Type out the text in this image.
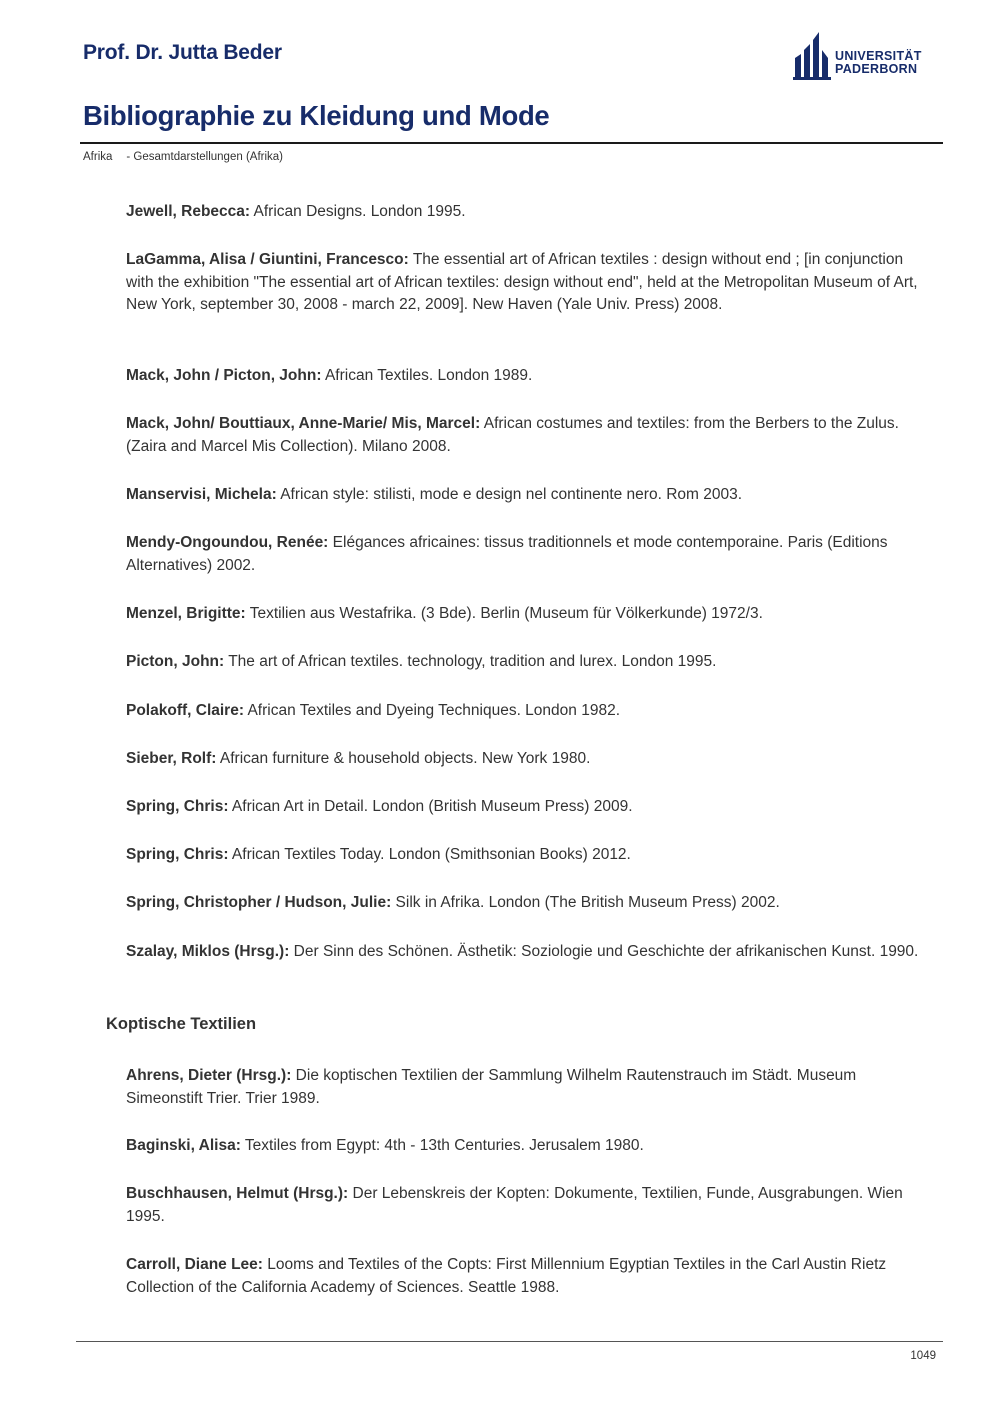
Prof. Dr. Jutta Beder	UNIVERSITÄT
PADERBORN
Bibliographie zu Kleidung und Mode
Afrika - Gesamtdarstellungen (Afrika)
Jewell, Rebecca: African Designs. London 1995.
LaGamma, Alisa / Giuntini, Francesco: The essential art of African textiles : design without end ; [in conjunction with the exhibition "The essential art of African textiles: design without end", held at the Metropolitan Museum of Art, New York, september 30, 2008 - march 22, 2009]. New Haven (Yale Univ. Press) 2008.
Mack, John / Picton, John: African Textiles. London 1989.
Mack, John/ Bouttiaux, Anne-Marie/ Mis, Marcel: African costumes and textiles: from the Berbers to the Zulus. (Zaira and Marcel Mis Collection). Milano 2008.
Manservisi, Michela: African style: stilisti, mode e design nel continente nero. Rom 2003.
Mendy-Ongoundou, Renée: Elégances africaines: tissus traditionnels et mode contemporaine. Paris (Editions Alternatives) 2002.
Menzel, Brigitte: Textilien aus Westafrika. (3 Bde). Berlin (Museum für Völkerkunde) 1972/3.
Picton, John: The art of African textiles. technology, tradition and lurex. London 1995.
Polakoff, Claire: African Textiles and Dyeing Techniques. London 1982.
Sieber, Rolf: African furniture & household objects. New York 1980.
Spring, Chris: African Art in Detail. London (British Museum Press) 2009.
Spring, Chris: African Textiles Today. London (Smithsonian Books) 2012.
Spring, Christopher / Hudson, Julie: Silk in Afrika. London (The British Museum Press) 2002.
Szalay, Miklos (Hrsg.): Der Sinn des Schönen. Ästhetik: Soziologie und Geschichte der afrikanischen Kunst. 1990.
Koptische Textilien
Ahrens, Dieter (Hrsg.): Die koptischen Textilien der Sammlung Wilhelm Rautenstrauch im Städt. Museum Simeonstift Trier. Trier 1989.
Baginski, Alisa: Textiles from Egypt: 4th - 13th Centuries. Jerusalem 1980.
Buschhausen, Helmut (Hrsg.): Der Lebenskreis der Kopten: Dokumente, Textilien, Funde, Ausgrabungen. Wien 1995.
Carroll, Diane Lee: Looms and Textiles of the Copts: First Millennium Egyptian Textiles in the Carl Austin Rietz Collection of the California Academy of Sciences. Seattle 1988.
1049
